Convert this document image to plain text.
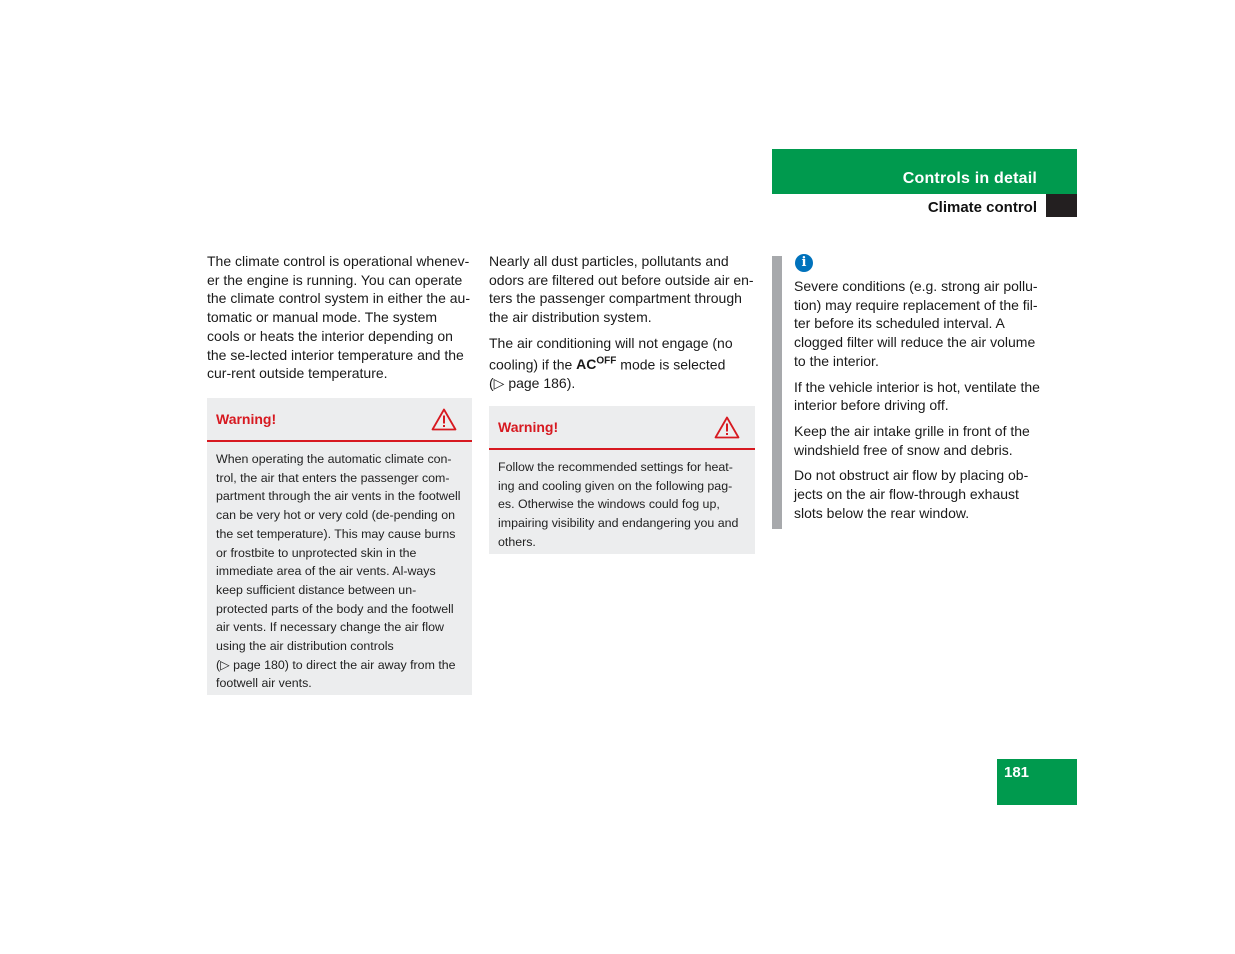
Controls in detail
Climate control

The climate control is operational whenev-er the engine is running. You can operate the climate control system in either the au-tomatic or manual mode. The system cools or heats the interior depending on the se-lected interior temperature and the cur-rent outside temperature.

Warning!
When operating the automatic climate con-trol, the air that enters the passenger com-partment through the air vents in the footwell can be very hot or very cold (de-pending on the set temperature). This may cause burns or frostbite to unprotected skin in the immediate area of the air vents. Al-ways keep sufficient distance between un-protected parts of the body and the footwell air vents. If necessary change the air flow using the air distribution controls
(▷ page 180) to direct the air away from the footwell air vents.

Nearly all dust particles, pollutants and odors are filtered out before outside air en-ters the passenger compartment through the air distribution system.

The air conditioning will not engage (no cooling) if the $AC^{OFF}$ mode is selected
(▷ page 186).

Warning!
Follow the recommended settings for heat-ing and cooling given on the following pag-es. Otherwise the windows could fog up, impairing visibility and endangering you and others.
i

Severe conditions (e.g. strong air pollu-tion) may require replacement of the fil-ter before its scheduled interval. A clogged filter will reduce the air volume to the interior.

If the vehicle interior is hot, ventilate the interior before driving off.

Keep the air intake grille in front of the windshield free of snow and debris.

Do not obstruct air flow by placing ob-jects on the air flow-through exhaust slots below the rear window.

181
